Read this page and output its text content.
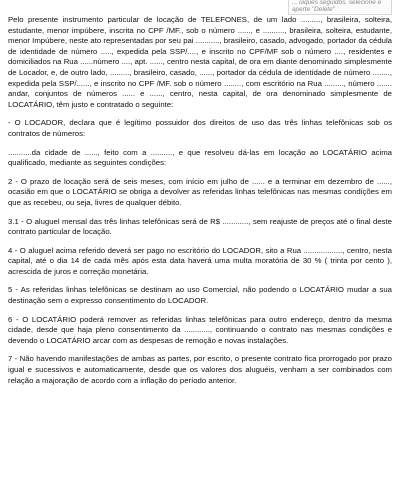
... úiques seguidos, selecione e
aperte "Delete"

Pelo presente instrumento particular de locação de TELEFONES, de um lado ........., brasileira, solteira, estudante, menor impúbere, inscrita no CPF /MF., sob o número ......, e .........., brasileira, solteira, estudante, menor Impúbere, neste ato representadas por seu pai ..........., brasileiro, casado, advogado, portador da cédula de identidade de número ....., expedida pela SSP/...., e inscrito no CPF/MF sob o número ...., residentes e domiciliados na Rua ......número ...., apt. ......, centro nesta capital, de ora em diante denominado simplesmente de Locador, e, de outro lado, ........., brasileiro, casado, ......, portador da cédula de identidade de número ........, expedida pela SSP/......, e inscrito no CPF /MF. sob o número ........, com escritório na Rua ........., número ....... andar, conjuntos de números ...... e ......, centro, nesta capital, de ora denominado simplesmente de LOCATÁRIO, têm justo e contratado o seguinte:

- O LOCADOR, declara que é legítimo possuidor dos direitos de uso das três linhas telefônicas sob os contratos de números:

...........da cidade de ......, feito com a .........., e que resolveu dá-las em locação ao LOCATÁRIO acima qualificado, mediante as seguintes condições:

2 - O prazo de locação será de seis meses, com início em julho de ...... e a terminar em dezembro de ......, ocasião em que o LOCATÁRIO se obriga a devolver as referidas linhas telefônicas nas mesmas condições em que as recebeu, ou seja, livres de qualquer débito.

3.1 - O aluguel mensal das três linhas telefônicas será de R$ ............, sem reajuste de preços até o final deste contrato particular de locação.

4 - O aluguel acima referido deverá ser pago no escritório do LOCADOR, sito a Rua .................., centro, nesta capital, até o dia 14 de cada mês após esta data haverá uma multa moratória de 30 % ( trinta por cento ), acrescida de juros e correção monetária.

5 - As referidas linhas telefônicas se destinam ao uso Comercial, não podendo o LOCATÁRIO mudar a sua destinação sem o expresso consentimento do LOCADOR.

6 - O LOCATÁRIO poderá remover as referidas linhas telefônicas para outro endereço, dentro da mesma cidade, desde que haja pleno consentimento da ............, continuando o contrato nas mesmas condições e devendo o LOCATÁRIO arcar com as despesas de remoção e novas instalações.

7 - Não havendo manifestações de ambas as partes, por escrito, o presente contrato fica prorrogado por prazo igual e sucessivos e automaticamente, desde que os valores dos aluguéis, venham a ser combinados com relação a majoração de acordo com a inflação do período anterior.
